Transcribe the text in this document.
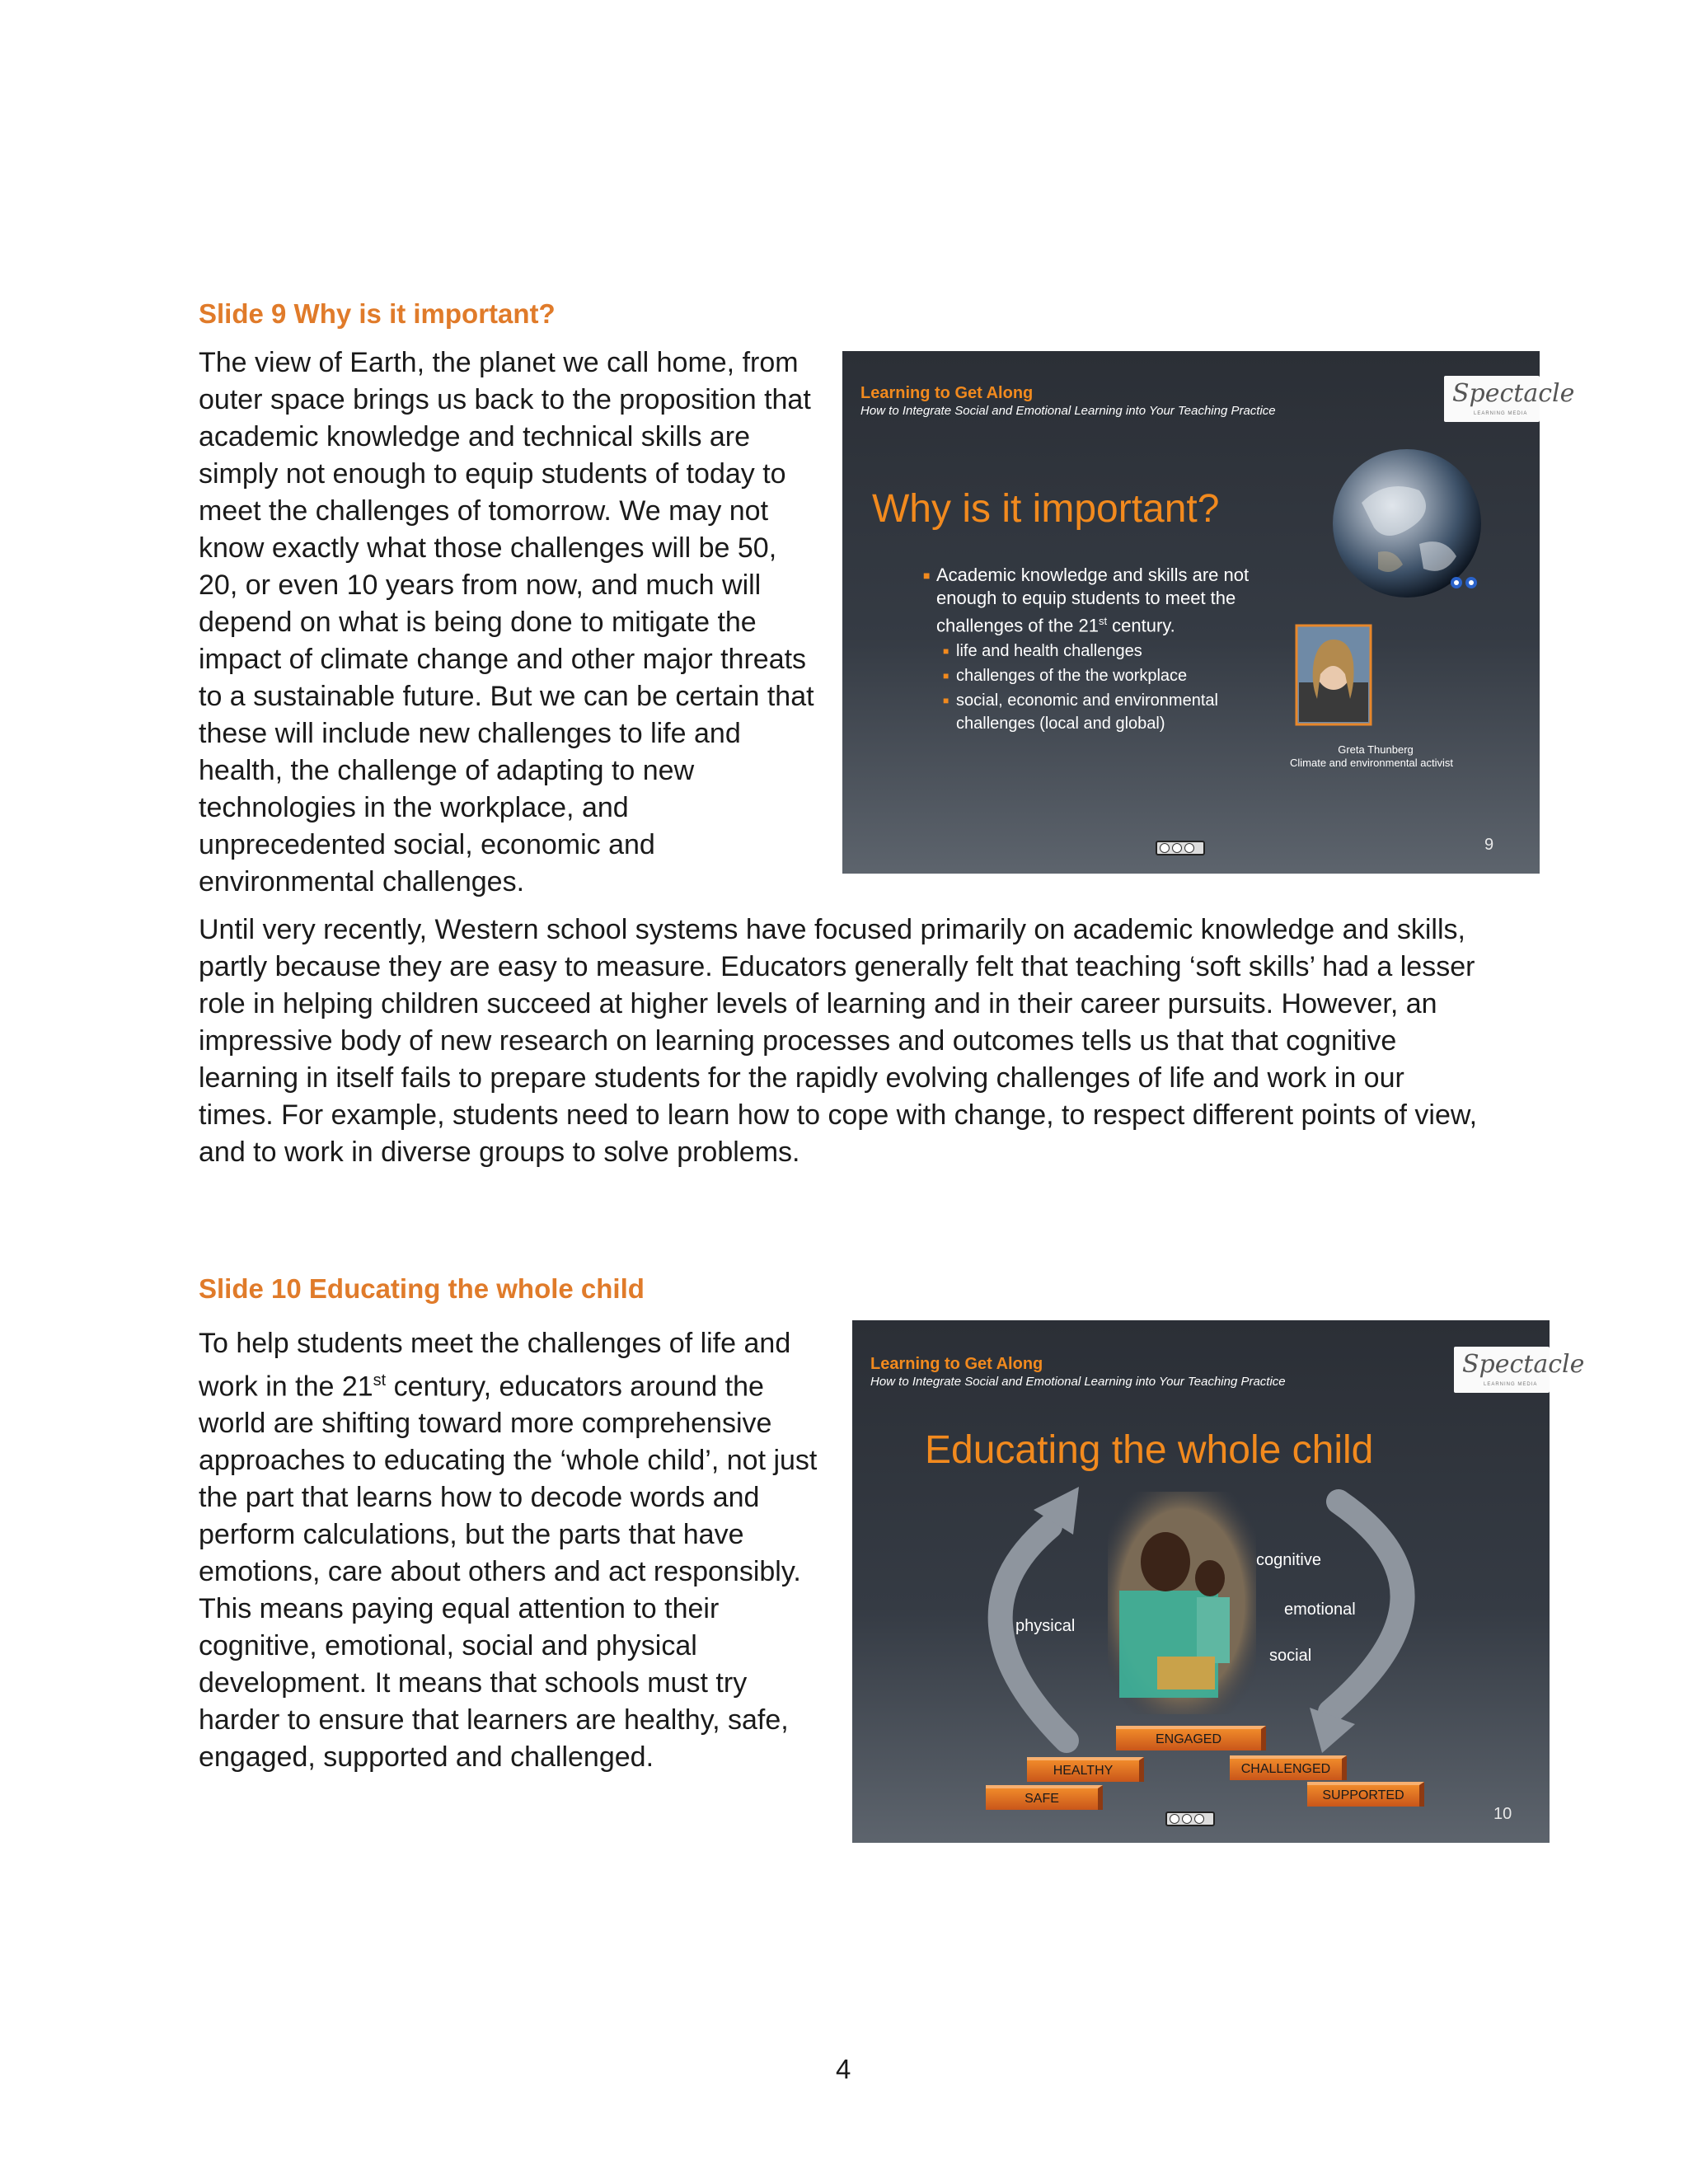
Slide 9 Why is it important?

The view of Earth, the planet we call home, from

outer space brings us back to the proposition that

academic knowledge and technical skills are

simply not enough to equip students of today to

meet the challenges of tomorrow. We may not

know exactly what those challenges will be 50,

20, or even 10 years from now, and much will

depend on what is being done to mitigate the

impact of climate change and other major threats

to a sustainable future. But we can be certain that

these will include new challenges to life and

health, the challenge of adapting to new

technologies in the workplace, and

unprecedented social, economic and

environmental challenges.

Learning to Get Along
How to Integrate Social and Emotional Learning into Your Teaching Practice
Spectacle
LEARNING MEDIA
Why is it important?
■ Academic knowledge and skills are not
enough to equip students to meet the
challenges of the 21st century.
■ life and health challenges
■ challenges of the the workplace
■ social, economic and environmental
challenges (local and global)
Greta Thunberg
Climate and environmental activist
9

Until very recently, Western school systems have focused primarily on academic knowledge and skills,

partly because they are easy to measure. Educators generally felt that teaching ‘soft skills’ had a lesser

role in helping children succeed at higher levels of learning and in their career pursuits. However, an

impressive body of new research on learning processes and outcomes tells us that that cognitive

learning in itself fails to prepare students for the rapidly evolving challenges of life and work in our

times. For example, students need to learn how to cope with change, to respect different points of view,

and to work in diverse groups to solve problems.

Slide 10 Educating the whole child

To help students meet the challenges of life and

work in the 21st century, educators around the

world are shifting toward more comprehensive

approaches to educating the ‘whole child’, not just

the part that learns how to decode words and

perform calculations, but the parts that have

emotions, care about others and act responsibly.

This means paying equal attention to their

cognitive, emotional, social and physical

development. It means that schools must try

harder to ensure that learners are healthy, safe,

engaged, supported and challenged.

Learning to Get Along
How to Integrate Social and Emotional Learning into Your Teaching Practice
Spectacle
LEARNING MEDIA
Educating the whole child
cognitive
emotional
social
physical
ENGAGED
HEALTHY	CHALLENGED
SAFE	SUPPORTED
10
4
